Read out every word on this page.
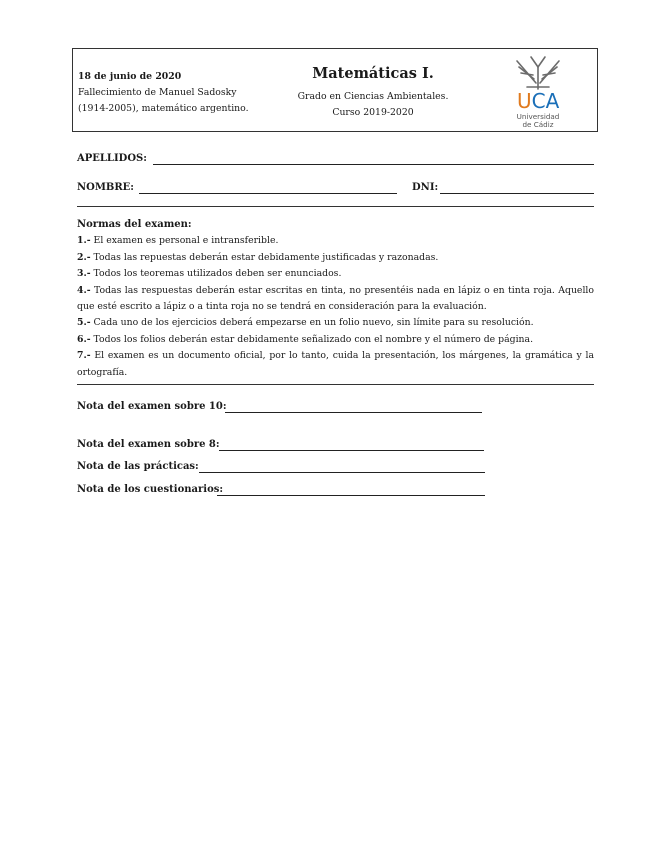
18 de junio de 2020
Fallecimiento de Manuel Sadosky
(1914-2005), matemático argentino.
Matemáticas I.
Grado en Ciencias Ambientales.
Curso 2019-2020	UCA
Universidad
de Cádiz
APELLIDOS:
NOMBRE:	DNI:
Normas del examen:
1.- El examen es personal e intransferible.
2.- Todas las repuestas deberán estar debidamente justificadas y razonadas.
3.- Todos los teoremas utilizados deben ser enunciados.
4.- Todas las respuestas deberán estar escritas en tinta, no presentéis nada en lápiz o en tinta roja. Aquello que esté escrito a lápiz o a tinta roja no se tendrá en consideración para la evaluación.
5.- Cada uno de los ejercicios deberá empezarse en un folio nuevo, sin límite para su resolución.
6.- Todos los folios deberán estar debidamente señalizado con el nombre y el número de página.
7.- El examen es un documento oficial, por lo tanto, cuida la presentación, los márgenes, la gramática y la ortografía.
Nota del examen sobre 10:
Nota del examen sobre 8:
Nota de las prácticas:
Nota de los cuestionarios:
